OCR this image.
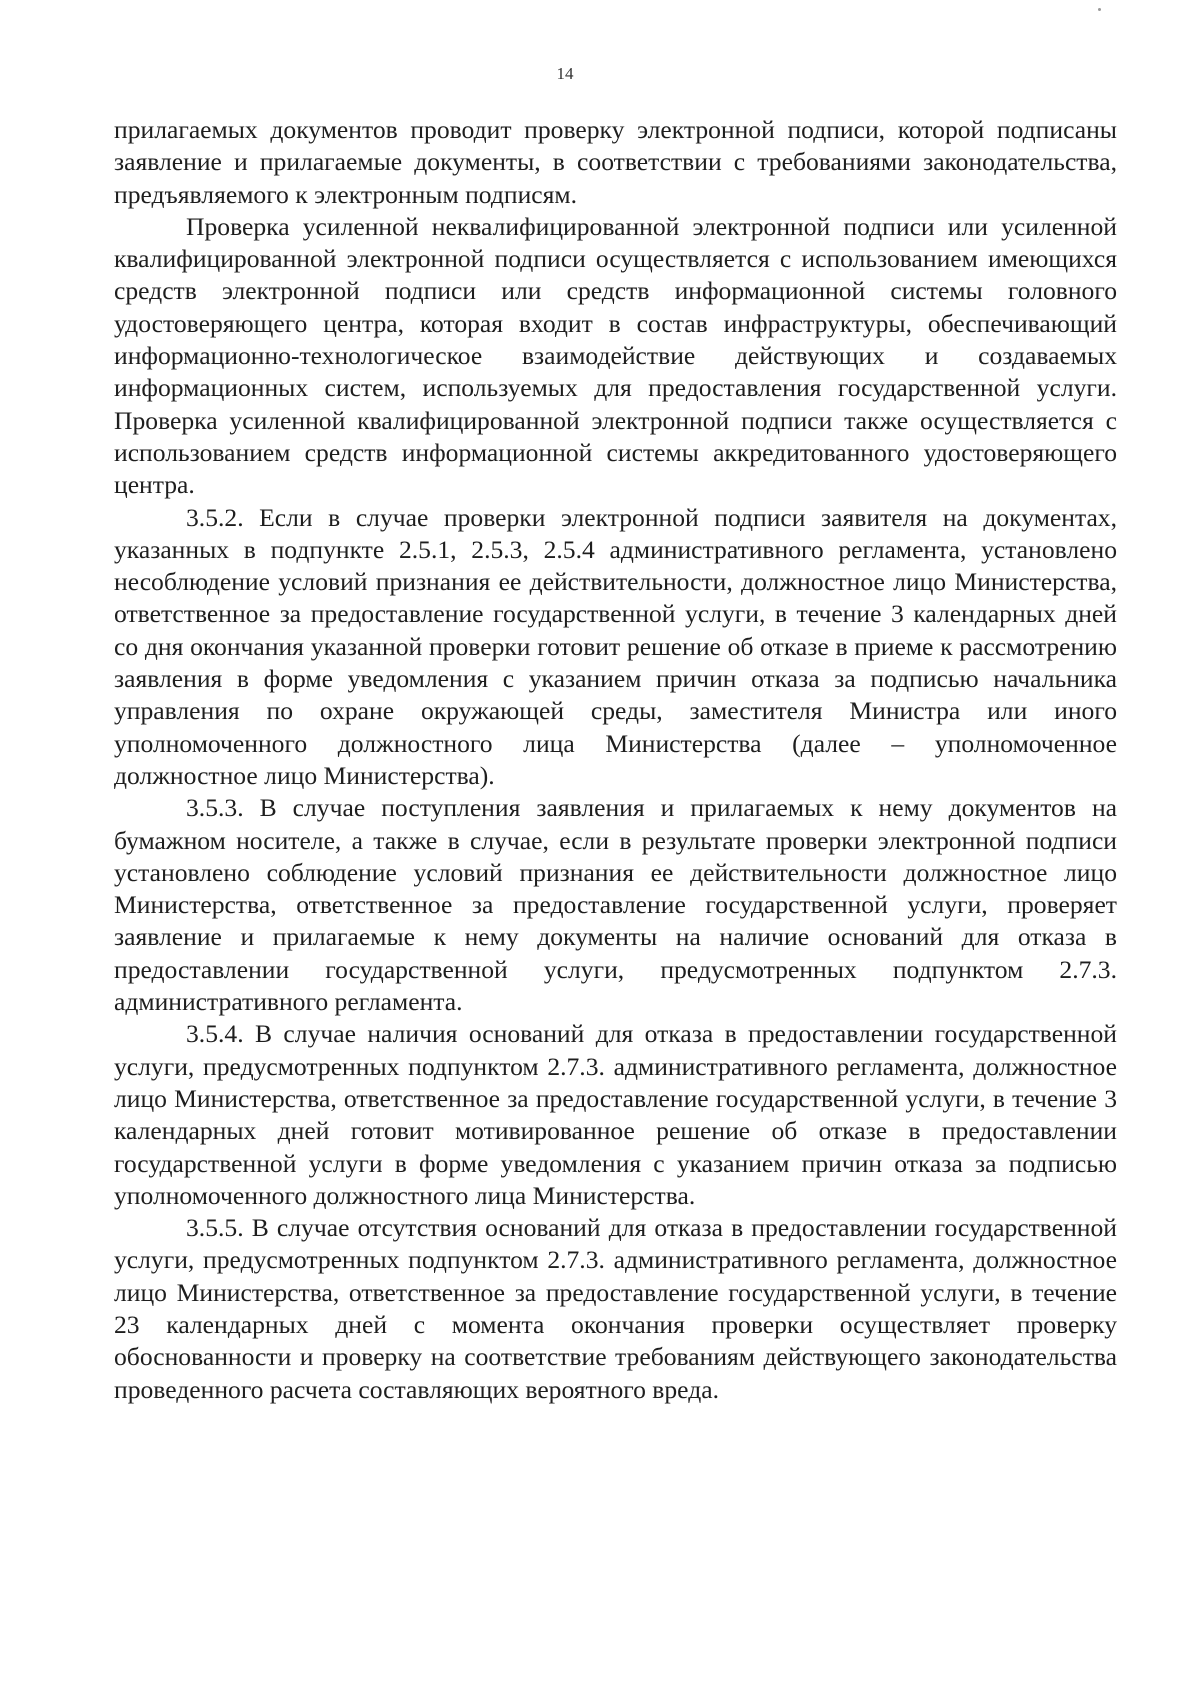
14

прилагаемых документов проводит проверку электронной подписи, которой подписаны заявление и прилагаемые документы, в соответствии с требованиями законодательства, предъявляемого к электронным подписям.

Проверка усиленной неквалифицированной электронной подписи или усиленной квалифицированной электронной подписи осуществляется с использованием имеющихся средств электронной подписи или средств информационной системы головного удостоверяющего центра, которая входит в состав инфраструктуры, обеспечивающий информационно-технологическое взаимодействие действующих и создаваемых информационных систем, используемых для предоставления государственной услуги. Проверка усиленной квалифицированной электронной подписи также осуществляется с использованием средств информационной системы аккредитованного удостоверяющего центра.

3.5.2. Если в случае проверки электронной подписи заявителя на документах, указанных в подпункте 2.5.1, 2.5.3, 2.5.4 административного регламента, установлено несоблюдение условий признания ее действительности, должностное лицо Министерства, ответственное за предоставление государственной услуги, в течение 3 календарных дней со дня окончания указанной проверки готовит решение об отказе в приеме к рассмотрению заявления в форме уведомления с указанием причин отказа за подписью начальника управления по охране окружающей среды, заместителя Министра или иного уполномоченного должностного лица Министерства (далее – уполномоченное должностное лицо Министерства).

3.5.3. В случае поступления заявления и прилагаемых к нему документов на бумажном носителе, а также в случае, если в результате проверки электронной подписи установлено соблюдение условий признания ее действительности должностное лицо Министерства, ответственное за предоставление государственной услуги, проверяет заявление и прилагаемые к нему документы на наличие оснований для отказа в предоставлении государственной услуги, предусмотренных подпунктом 2.7.3. административного регламента.

3.5.4. В случае наличия оснований для отказа в предоставлении государственной услуги, предусмотренных подпунктом 2.7.3. административного регламента, должностное лицо Министерства, ответственное за предоставление государственной услуги, в течение 3 календарных дней готовит мотивированное решение об отказе в предоставлении государственной услуги в форме уведомления с указанием причин отказа за подписью уполномоченного должностного лица Министерства.

3.5.5. В случае отсутствия оснований для отказа в предоставлении государственной услуги, предусмотренных подпунктом 2.7.3. административного регламента, должностное лицо Министерства, ответственное за предоставление государственной услуги, в течение 23 календарных дней с момента окончания проверки осуществляет проверку обоснованности и проверку на соответствие требованиям действующего законодательства проведенного расчета составляющих вероятного вреда.
